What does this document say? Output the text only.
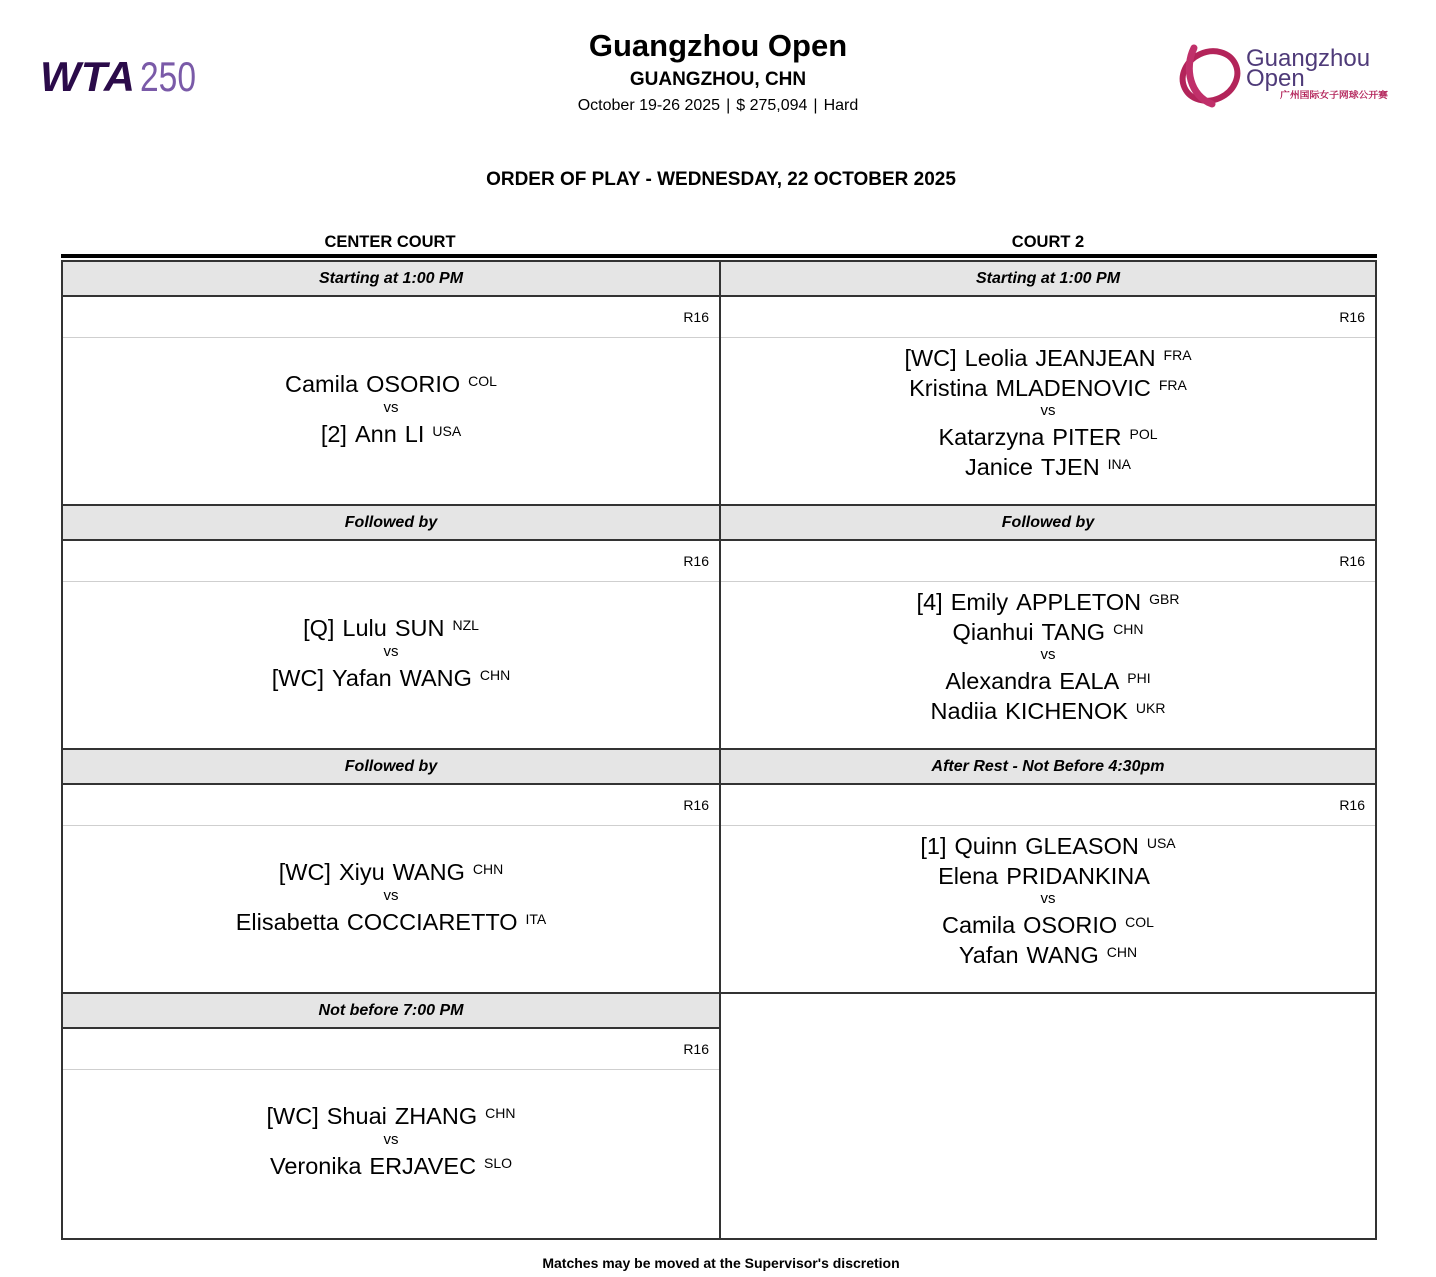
WTA 250	Guangzhou
Open
广州国际女子网球公开赛
Guangzhou Open
GUANGZHOU, CHN
October 19-26 2025 | $ 275,094 | Hard
ORDER OF PLAY - WEDNESDAY, 22 OCTOBER 2025
CENTER COURT	COURT 2
Starting at 1:00 PM
R16
Camila OSORIO $^{COL}$
vs
[2] Ann LI $^{USA}$
Followed by
R16
[Q] Lulu SUN $^{NZL}$
vs
[WC] Yafan WANG $^{CHN}$
Followed by
R16
[WC] Xiyu WANG $^{CHN}$
vs
Elisabetta COCCIARETTO $^{ITA}$
Not before 7:00 PM
R16
[WC] Shuai ZHANG $^{CHN}$
vs
Veronika ERJAVEC $^{SLO}$
Starting at 1:00 PM
R16
[WC] Leolia JEANJEAN $^{FRA}$
Kristina MLADENOVIC $^{FRA}$
vs
Katarzyna PITER $^{POL}$
Janice TJEN $^{INA}$
Followed by
R16
[4] Emily APPLETON $^{GBR}$
Qianhui TANG $^{CHN}$
vs
Alexandra EALA $^{PHI}$
Nadiia KICHENOK $^{UKR}$
After Rest - Not Before 4:30pm
R16
[1] Quinn GLEASON $^{USA}$
Elena PRIDANKINA
vs
Camila OSORIO $^{COL}$
Yafan WANG $^{CHN}$
Matches may be moved at the Supervisor's discretion
